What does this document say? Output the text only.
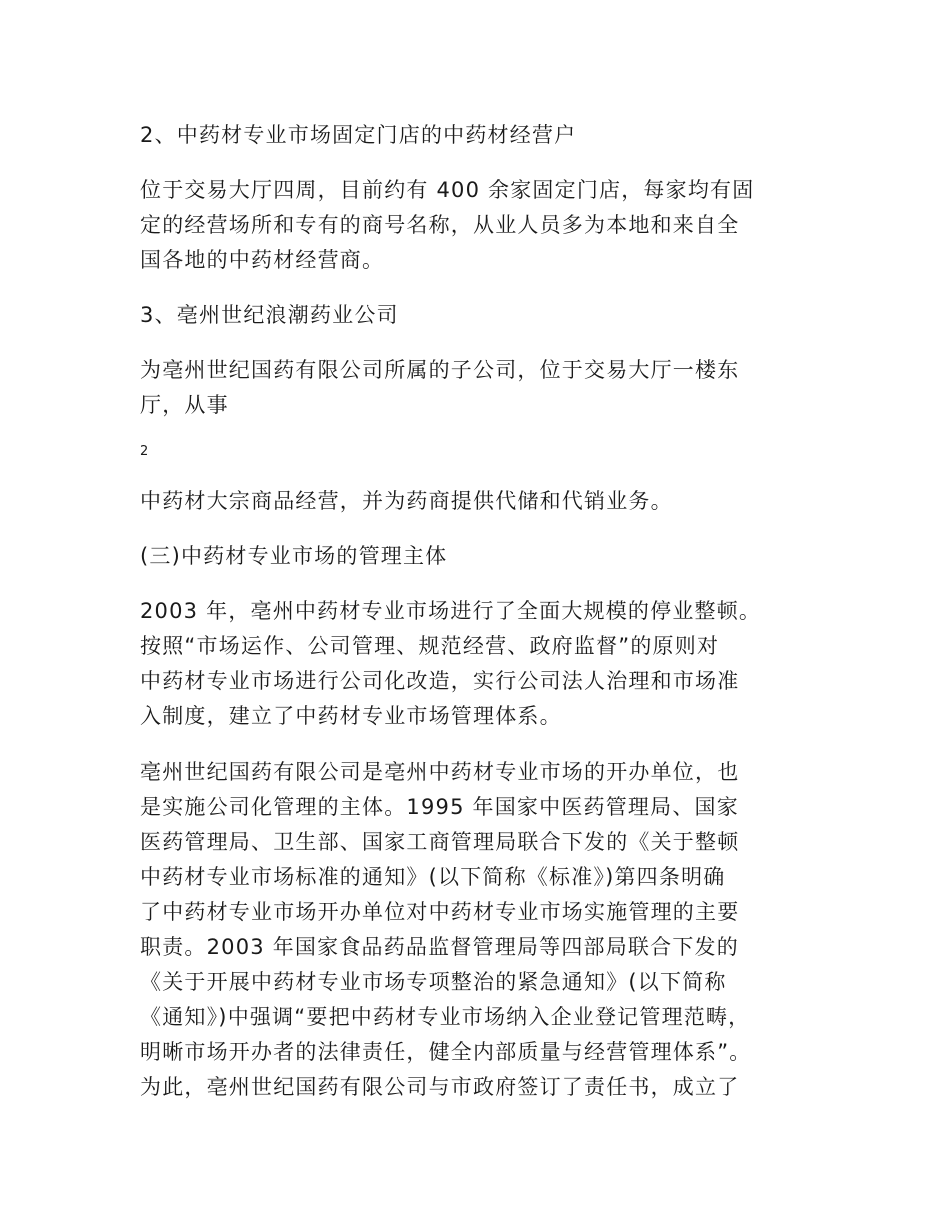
2、中药材专业市场固定门店的中药材经营户
位于交易大厅四周，目前约有 400 余家固定门店，每家均有固
定的经营场所和专有的商号名称，从业人员多为本地和来自全
国各地的中药材经营商。
3、亳州世纪浪潮药业公司
为亳州世纪国药有限公司所属的子公司，位于交易大厅一楼东
厅，从事
2
中药材大宗商品经营，并为药商提供代储和代销业务。
(三)中药材专业市场的管理主体
2003 年，亳州中药材专业市场进行了全面大规模的停业整顿。
按照“市场运作、公司管理、规范经营、政府监督”的原则对
中药材专业市场进行公司化改造，实行公司法人治理和市场准
入制度，建立了中药材专业市场管理体系。
亳州世纪国药有限公司是亳州中药材专业市场的开办单位，也
是实施公司化管理的主体。1995 年国家中医药管理局、国家
医药管理局、卫生部、国家工商管理局联合下发的《关于整顿
中药材专业市场标准的通知》(以下简称《标准》)第四条明确
了中药材专业市场开办单位对中药材专业市场实施管理的主要
职责。2003 年国家食品药品监督管理局等四部局联合下发的
《关于开展中药材专业市场专项整治的紧急通知》(以下简称
《通知》)中强调“要把中药材专业市场纳入企业登记管理范畴，
明晰市场开办者的法律责任，健全内部质量与经营管理体系”。
为此，亳州世纪国药有限公司与市政府签订了责任书，成立了
